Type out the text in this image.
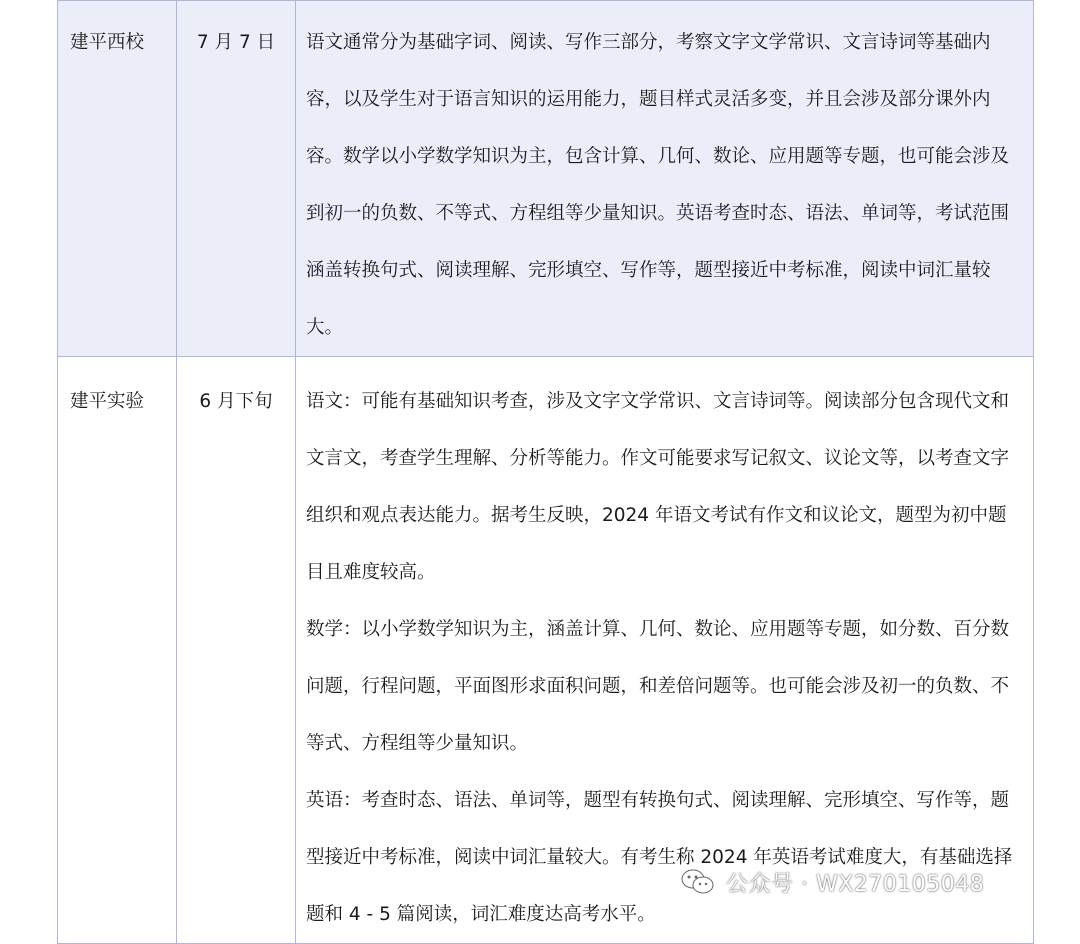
建平西校	7 月 7 日	语文通常分为基础字词、阅读、写作三部分，考察文字文学常识、文言诗词等基础内容，以及学生对于语言知识的运用能力，题目样式灵活多变，并且会涉及部分课外内容。数学以小学数学知识为主，包含计算、几何、数论、应用题等专题，也可能会涉及到初一的负数、不等式、方程组等少量知识。英语考查时态、语法、单词等，考试范围涵盖转换句式、阅读理解、完形填空、写作等，题型接近中考标准，阅读中词汇量较大。

建平实验	6 月下旬	语文：可能有基础知识考查，涉及文字文学常识、文言诗词等。阅读部分包含现代文和文言文，考查学生理解、分析等能力。作文可能要求写记叙文、议论文等，以考查文字组织和观点表达能力。据考生反映，2024 年语文考试有作文和议论文，题型为初中题目且难度较高。

数学：以小学数学知识为主，涵盖计算、几何、数论、应用题等专题，如分数、百分数问题，行程问题，平面图形求面积问题，和差倍问题等。也可能会涉及初一的负数、不等式、方程组等少量知识。

英语：考查时态、语法、单词等，题型有转换句式、阅读理解、完形填空、写作等，题型接近中考标准，阅读中词汇量较大。有考生称 2024 年英语考试难度大，有基础选择题和 4 - 5 篇阅读，词汇难度达高考水平。

公众号 · WX270105048
